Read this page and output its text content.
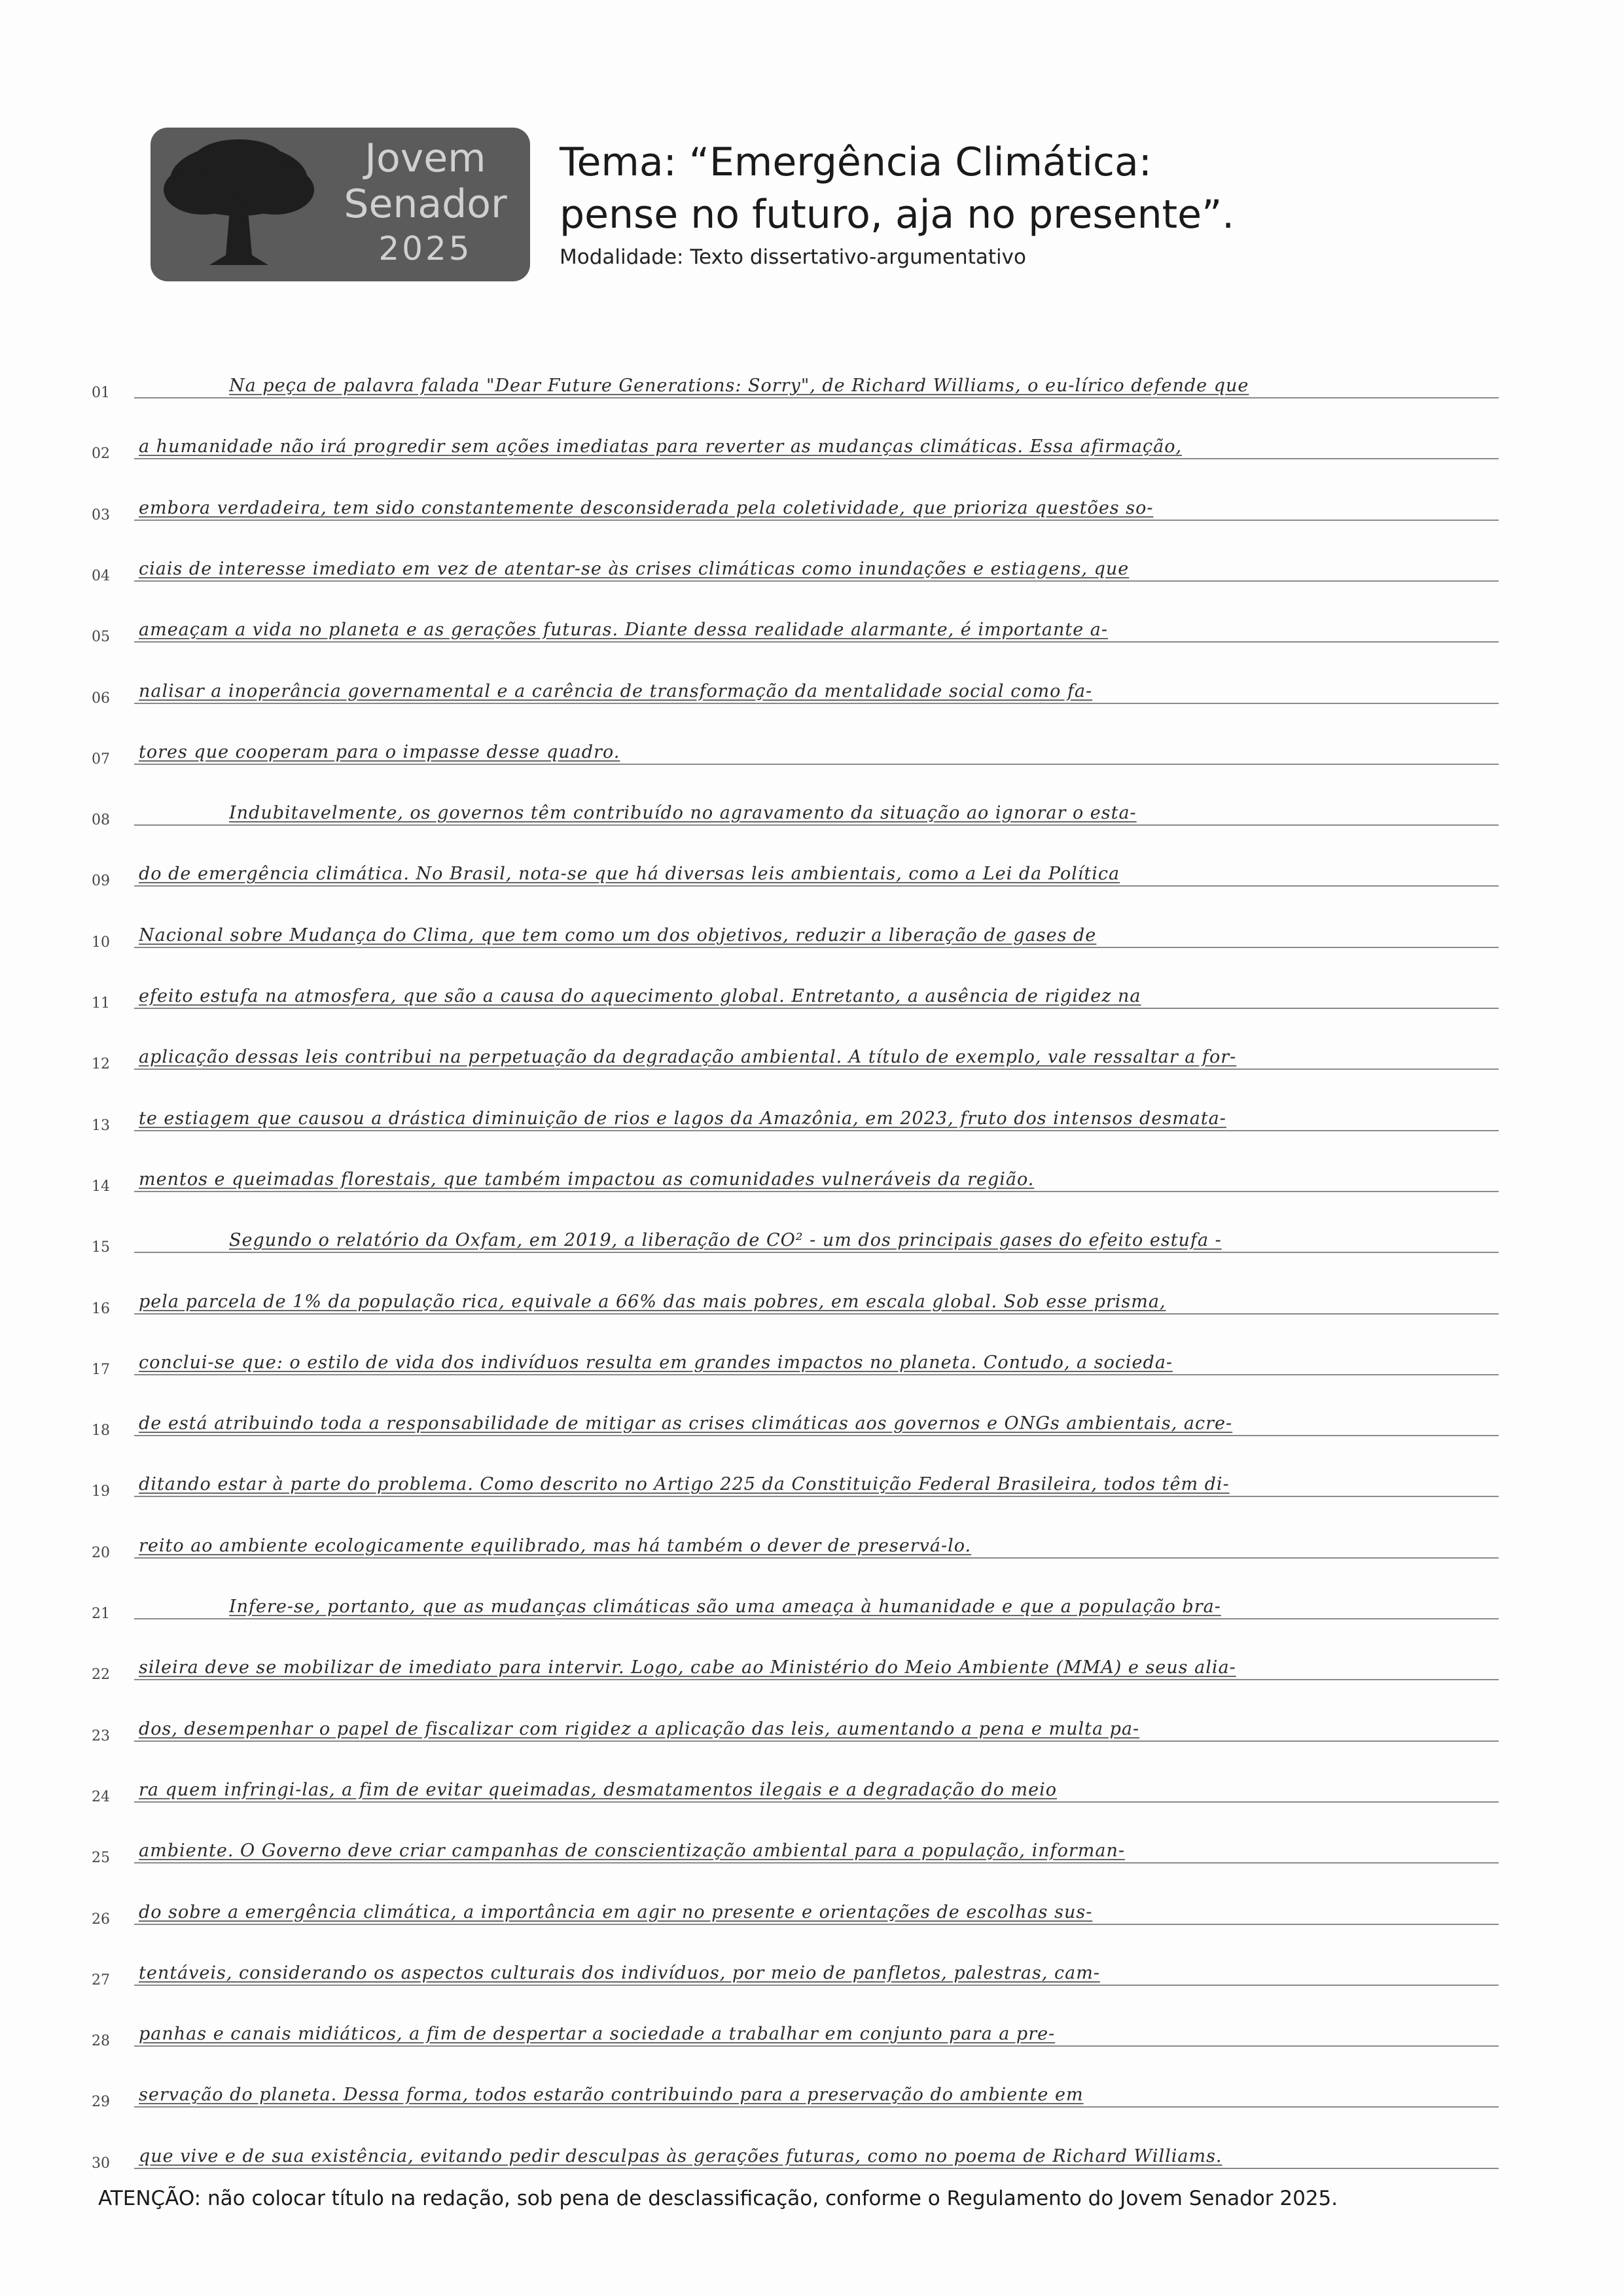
Jovem
Senador
2025
Tema: “Emergência Climática:
pense no futuro, aja no presente”.
Modalidade: Texto dissertativo-argumentativo
01	Na peça de palavra falada "Dear Future Generations: Sorry", de Richard Williams, o eu-lírico defende que
02	a humanidade não irá progredir sem ações imediatas para reverter as mudanças climáticas. Essa afirmação,
03	embora verdadeira, tem sido constantemente desconsiderada pela coletividade, que prioriza questões so-
04	ciais de interesse imediato em vez de atentar-se às crises climáticas como inundações e estiagens, que
05	ameaçam a vida no planeta e as gerações futuras. Diante dessa realidade alarmante, é importante a-
06	nalisar a inoperância governamental e a carência de transformação da mentalidade social como fa-
07	tores que cooperam para o impasse desse quadro.
08	Indubitavelmente, os governos têm contribuído no agravamento da situação ao ignorar o esta-
09	do de emergência climática. No Brasil, nota-se que há diversas leis ambientais, como a Lei da Política
10	Nacional sobre Mudança do Clima, que tem como um dos objetivos, reduzir a liberação de gases de
11	efeito estufa na atmosfera, que são a causa do aquecimento global. Entretanto, a ausência de rigidez na
12	aplicação dessas leis contribui na perpetuação da degradação ambiental. A título de exemplo, vale ressaltar a for-
13	te estiagem que causou a drástica diminuição de rios e lagos da Amazônia, em 2023, fruto dos intensos desmata-
14	mentos e queimadas florestais, que também impactou as comunidades vulneráveis da região.
15	Segundo o relatório da Oxfam, em 2019, a liberação de CO² - um dos principais gases do efeito estufa -
16	pela parcela de 1% da população rica, equivale a 66% das mais pobres, em escala global. Sob esse prisma,
17	conclui-se que: o estilo de vida dos indivíduos resulta em grandes impactos no planeta. Contudo, a socieda-
18	de está atribuindo toda a responsabilidade de mitigar as crises climáticas aos governos e ONGs ambientais, acre-
19	ditando estar à parte do problema. Como descrito no Artigo 225 da Constituição Federal Brasileira, todos têm di-
20	reito ao ambiente ecologicamente equilibrado, mas há também o dever de preservá-lo.
21	Infere-se, portanto, que as mudanças climáticas são uma ameaça à humanidade e que a população bra-
22	sileira deve se mobilizar de imediato para intervir. Logo, cabe ao Ministério do Meio Ambiente (MMA) e seus alia-
23	dos, desempenhar o papel de fiscalizar com rigidez a aplicação das leis, aumentando a pena e multa pa-
24	ra quem infringi-las, a fim de evitar queimadas, desmatamentos ilegais e a degradação do meio
25	ambiente. O Governo deve criar campanhas de conscientização ambiental para a população, informan-
26	do sobre a emergência climática, a importância em agir no presente e orientações de escolhas sus-
27	tentáveis, considerando os aspectos culturais dos indivíduos, por meio de panfletos, palestras, cam-
28	panhas e canais midiáticos, a fim de despertar a sociedade a trabalhar em conjunto para a pre-
29	servação do planeta. Dessa forma, todos estarão contribuindo para a preservação do ambiente em
30	que vive e de sua existência, evitando pedir desculpas às gerações futuras, como no poema de Richard Williams.
ATENÇÃO: não colocar título na redação, sob pena de desclassificação, conforme o Regulamento do Jovem Senador 2025.
